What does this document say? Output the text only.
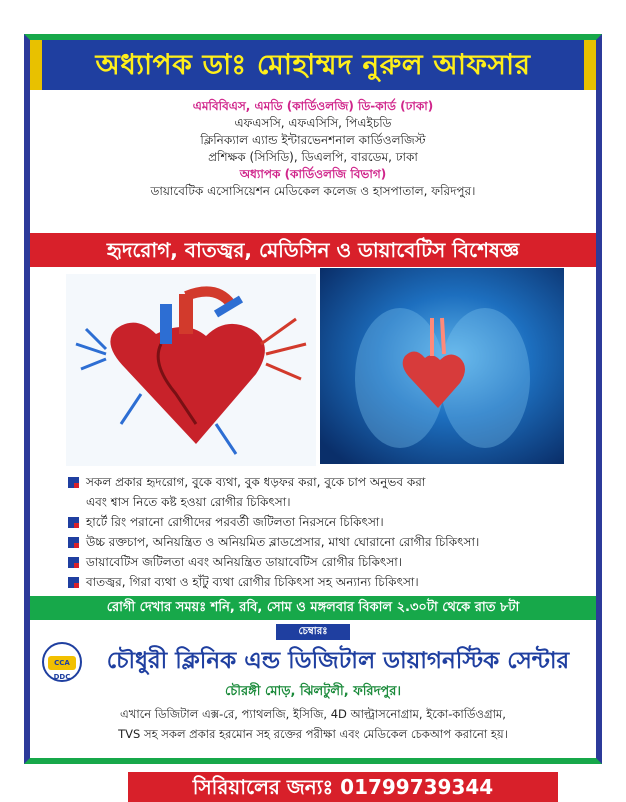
অধ্যাপক ডাঃ মোহাম্মদ নুরুল আফসার
এমবিবিএস, এমডি (কার্ডিওলজি) ডি-কার্ড (ঢাকা)
এফএসসি, এফএসিসি, পিএইচডি
ক্লিনিক্যাল এ্যান্ড ইন্টারভেনশনাল কার্ডিওলজিস্ট
প্রশিক্ষক (সিসিডি), ডিএলপি, বারডেম, ঢাকা
অধ্যাপক (কার্ডিওলজি বিভাগ)
ডায়াবেটিক এসোসিয়েশন মেডিকেল কলেজ ও হাসপাতাল, ফরিদপুর।
হৃদরোগ, বাতজ্বর, মেডিসিন ও ডায়াবেটিস বিশেষজ্ঞ
সকল প্রকার হৃদরোগ, বুকে ব্যথা, বুক ধড়ফর করা, বুকে চাপ অনুভব করা
এবং শ্বাস নিতে কষ্ট হওয়া রোগীর চিকিৎসা।
হার্টে রিং পরানো রোগীদের পরবর্তী জটিলতা নিরসনে চিকিৎসা।
উচ্চ রক্তচাপ, অনিয়ন্ত্রিত ও অনিয়মিত ব্লাডপ্রেসার, মাথা ঘোরানো রোগীর চিকিৎসা।
ডায়াবেটিস জটিলতা এবং অনিয়ন্ত্রিত ডায়াবেটিস রোগীর চিকিৎসা।
বাতজ্বর, গিরা ব্যথা ও হাঁটু ব্যথা রোগীর চিকিৎসা সহ অন্যান্য চিকিৎসা।
রোগী দেখার সময়ঃ শনি, রবি, সোম ও মঙ্গলবার বিকাল ২.৩০টা থেকে রাত ৮টা
চেম্বারঃ
CCA DDC
চৌধুরী ক্লিনিক এন্ড ডিজিটাল ডায়াগনস্টিক সেন্টার
চৌরঙ্গী মোড়, ঝিলটুলী, ফরিদপুর।
এখানে ডিজিটাল এক্স-রে, প্যাথলজি, ইসিজি, 4D আল্ট্রাসনোগ্রাম, ইকো-কার্ডিওগ্রাম,
TVS সহ সকল প্রকার হরমোন সহ রক্তের পরীক্ষা এবং মেডিকেল চেকআপ করানো হয়।
সিরিয়ালের জন্যঃ 01799739344
